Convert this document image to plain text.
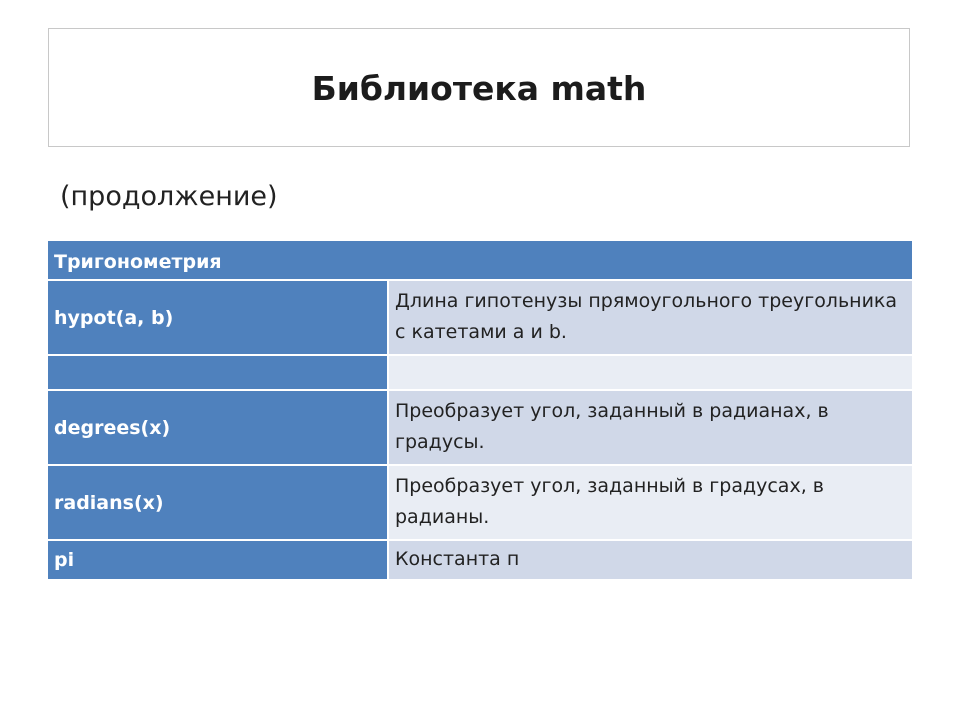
Библиотека math
(продолжение)
Тригонометрия	
hypot(a, b)	Длина гипотенузы прямоугольного треугольника с катетами a и b.

degrees(x)	Преобразует угол, заданный в радианах, в градусы.
radians(x)	Преобразует угол, заданный в градусах, в радианы.
pi	Константа п
